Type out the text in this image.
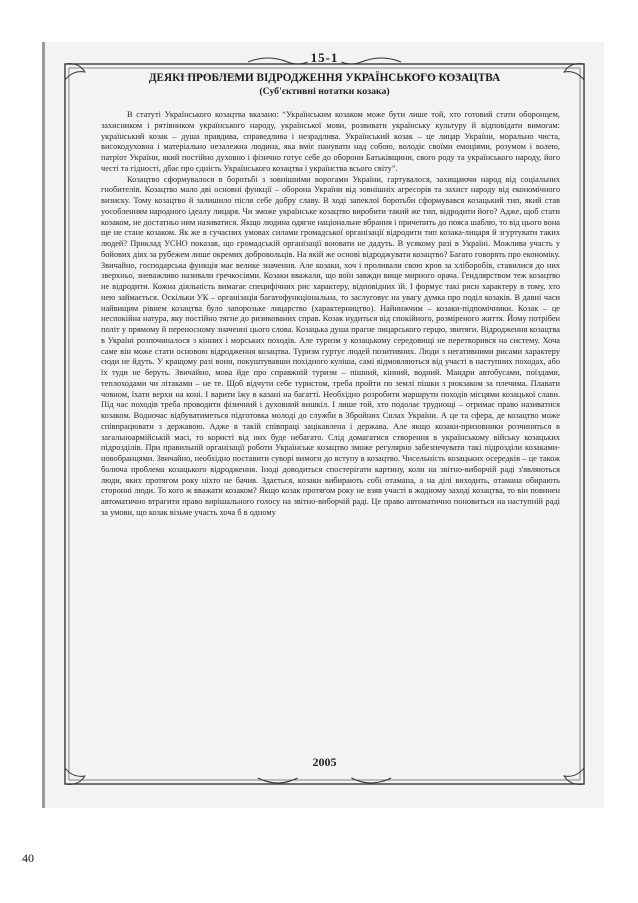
15-1
ДЕЯКІ ПРОБЛЕМИ ВІДРОДЖЕННЯ УКРАЇНСЬКОГО КОЗАЦТВА
(Суб'єктивні нотатки козака)

В статуті Українського козацтва вказано: “Українським козаком може бути лише той, хто готовий стати оборонцем, захисником і рятівником українського народу, української мови, розвивати українську культуру й відповідати вимогам: український козак – душа правдива, справедлива і незрадлива. Український козак – це лицар України, морально чиста, високодуховна і матеріально незалежна людина, яка вміє панувати над собою, володіє своїми емоціями, розумом і волею, патріот України, який постійно духовно і фізично готує себе до оборони Батьківщини, свого роду та українського народу, його честі та гідності, дбає про єдність Українського козацтва і українства всього світу”.

Козацтво сформувалося в боротьбі з зовнішніми ворогами України, гартувалося, захищаючи народ від соціальних гнобителів. Козацтво мало дві основні функції – оборона України від зовнішніх агресорів та захист народу від економічного визиску. Тому козацтво й залишило після себе добру славу. В ході запеклої боротьби сформувався козацький тип, який став уособленням народного ідеалу лицаря. Чи зможе українське козацтво виробити такий же тип, відродити його? Адже, щоб стати козаком, не достатньо ним називатися. Якщо людина одягне національне вбрання і причепить до пояса шаблю, то від цього вона ще не стане козаком. Як же в сучасних умовах силами громадської організації відродити тип козака-лицаря й згуртувати таких людей? Приклад УСНО показав, що громадській організації воювати не дадуть. В усякому разі в Україні. Можлива участь у бойових діях за рубежем лише окремих добровольців. На якій же основі відроджувати козацтво? Багато говорять про економіку. Звичайно, господарська функція має велике значення. Але козаки, хоч і проливали свою кров за хліборобів, ставилися до них зверхньо, зневажливо називали гречкосіями. Козаки вважали, що воїн завжди вище мирного орача. Гендлярством теж козацтво не відродити. Кожна діяльність вимагає специфічних рис характеру, відповідних їй. І формує такі риси характеру в тому, хто нею займається. Оскільки УК – організація багатофункціональна, то заслуговує на увагу думка про поділ козаків. В давні часи найвищим рівнем козацтва було запорозьке лицарство (характерництво). Найнижчим – козаки-підпомічники. Козак – це неспокійна натура, яку постійно тягне до ризикованих справ. Козак нудиться від спокійного, розміреного життя. Йому потрібен політ у прямому й переносному значенні цього слова. Козацька душа прагне лицарського герцю, звитяги. Відродження козацтва в Україні розпочиналося з кінних і морських походів. Але туризм у козацькому середовищі не перетворився на систему. Хоча саме він може стати основою відродження козацтва. Туризм гуртує людей позитивних. Люди з негативними рисами характеру сюди не йдуть. У кращому разі вони, покуштувавши похідного куліша, самі відмовляються від участі в наступних походах, або їх туди не беруть. Звичайно, мова йде про справжній туризм – пішний, кінний, водний. Мандри автобусами, поїздами, теплоходами чи літаками – не те. Щоб відчути себе туристом, треба пройти по землі пішки з рюкзаком за плечима. Плавати човном, їхати верхи на коні. І варити їжу в казані на багатті. Необхідно розробити маршрути походів місцями козацької слави. Під час походів треба проводити фізичний і духовний вишкіл. І лише той, хто подолає труднощі – отримає право називатися козаком. Водночас відбуватиметься підготовка молоді до служби в Збройних Силах України. А це та сфера, де козацтво може співпрацювати з державою. Адже в такій співпраці зацікавлена і держава. Але якщо козаки-призовники розчиняться в загальноармійській масі, то користі від них буде небагато. Слід домагатися створення в українському війську козацьких підрозділів. При правильній організації роботи Українське козацтво зможе регулярно забезпечувати такі підрозділи козаками-новобранцями. Звичайно, необхідно поставити суворі вимоги до вступу в козацтво. Чисельність козацьких осередків – це також болюча проблема козацького відродження. Іноді доводиться спостерігати картину, коли на звітно-виборчій раді з'являються люди, яких протягом року ніхто не бачив. Здається, козаки вибирають собі отамана, а на ділі виходить, отамана обирають сторонні люди. То кого ж вважати козаком? Якщо козак протягом року не взяв участі в жодному заході козацтва, то він повинен автоматично втрагити право вирішального голосу на звітно-виборчій раді. Це право автоматично поновиться на наступній раді за умови, що козак візьме участь хоча б в одному

2005
40
